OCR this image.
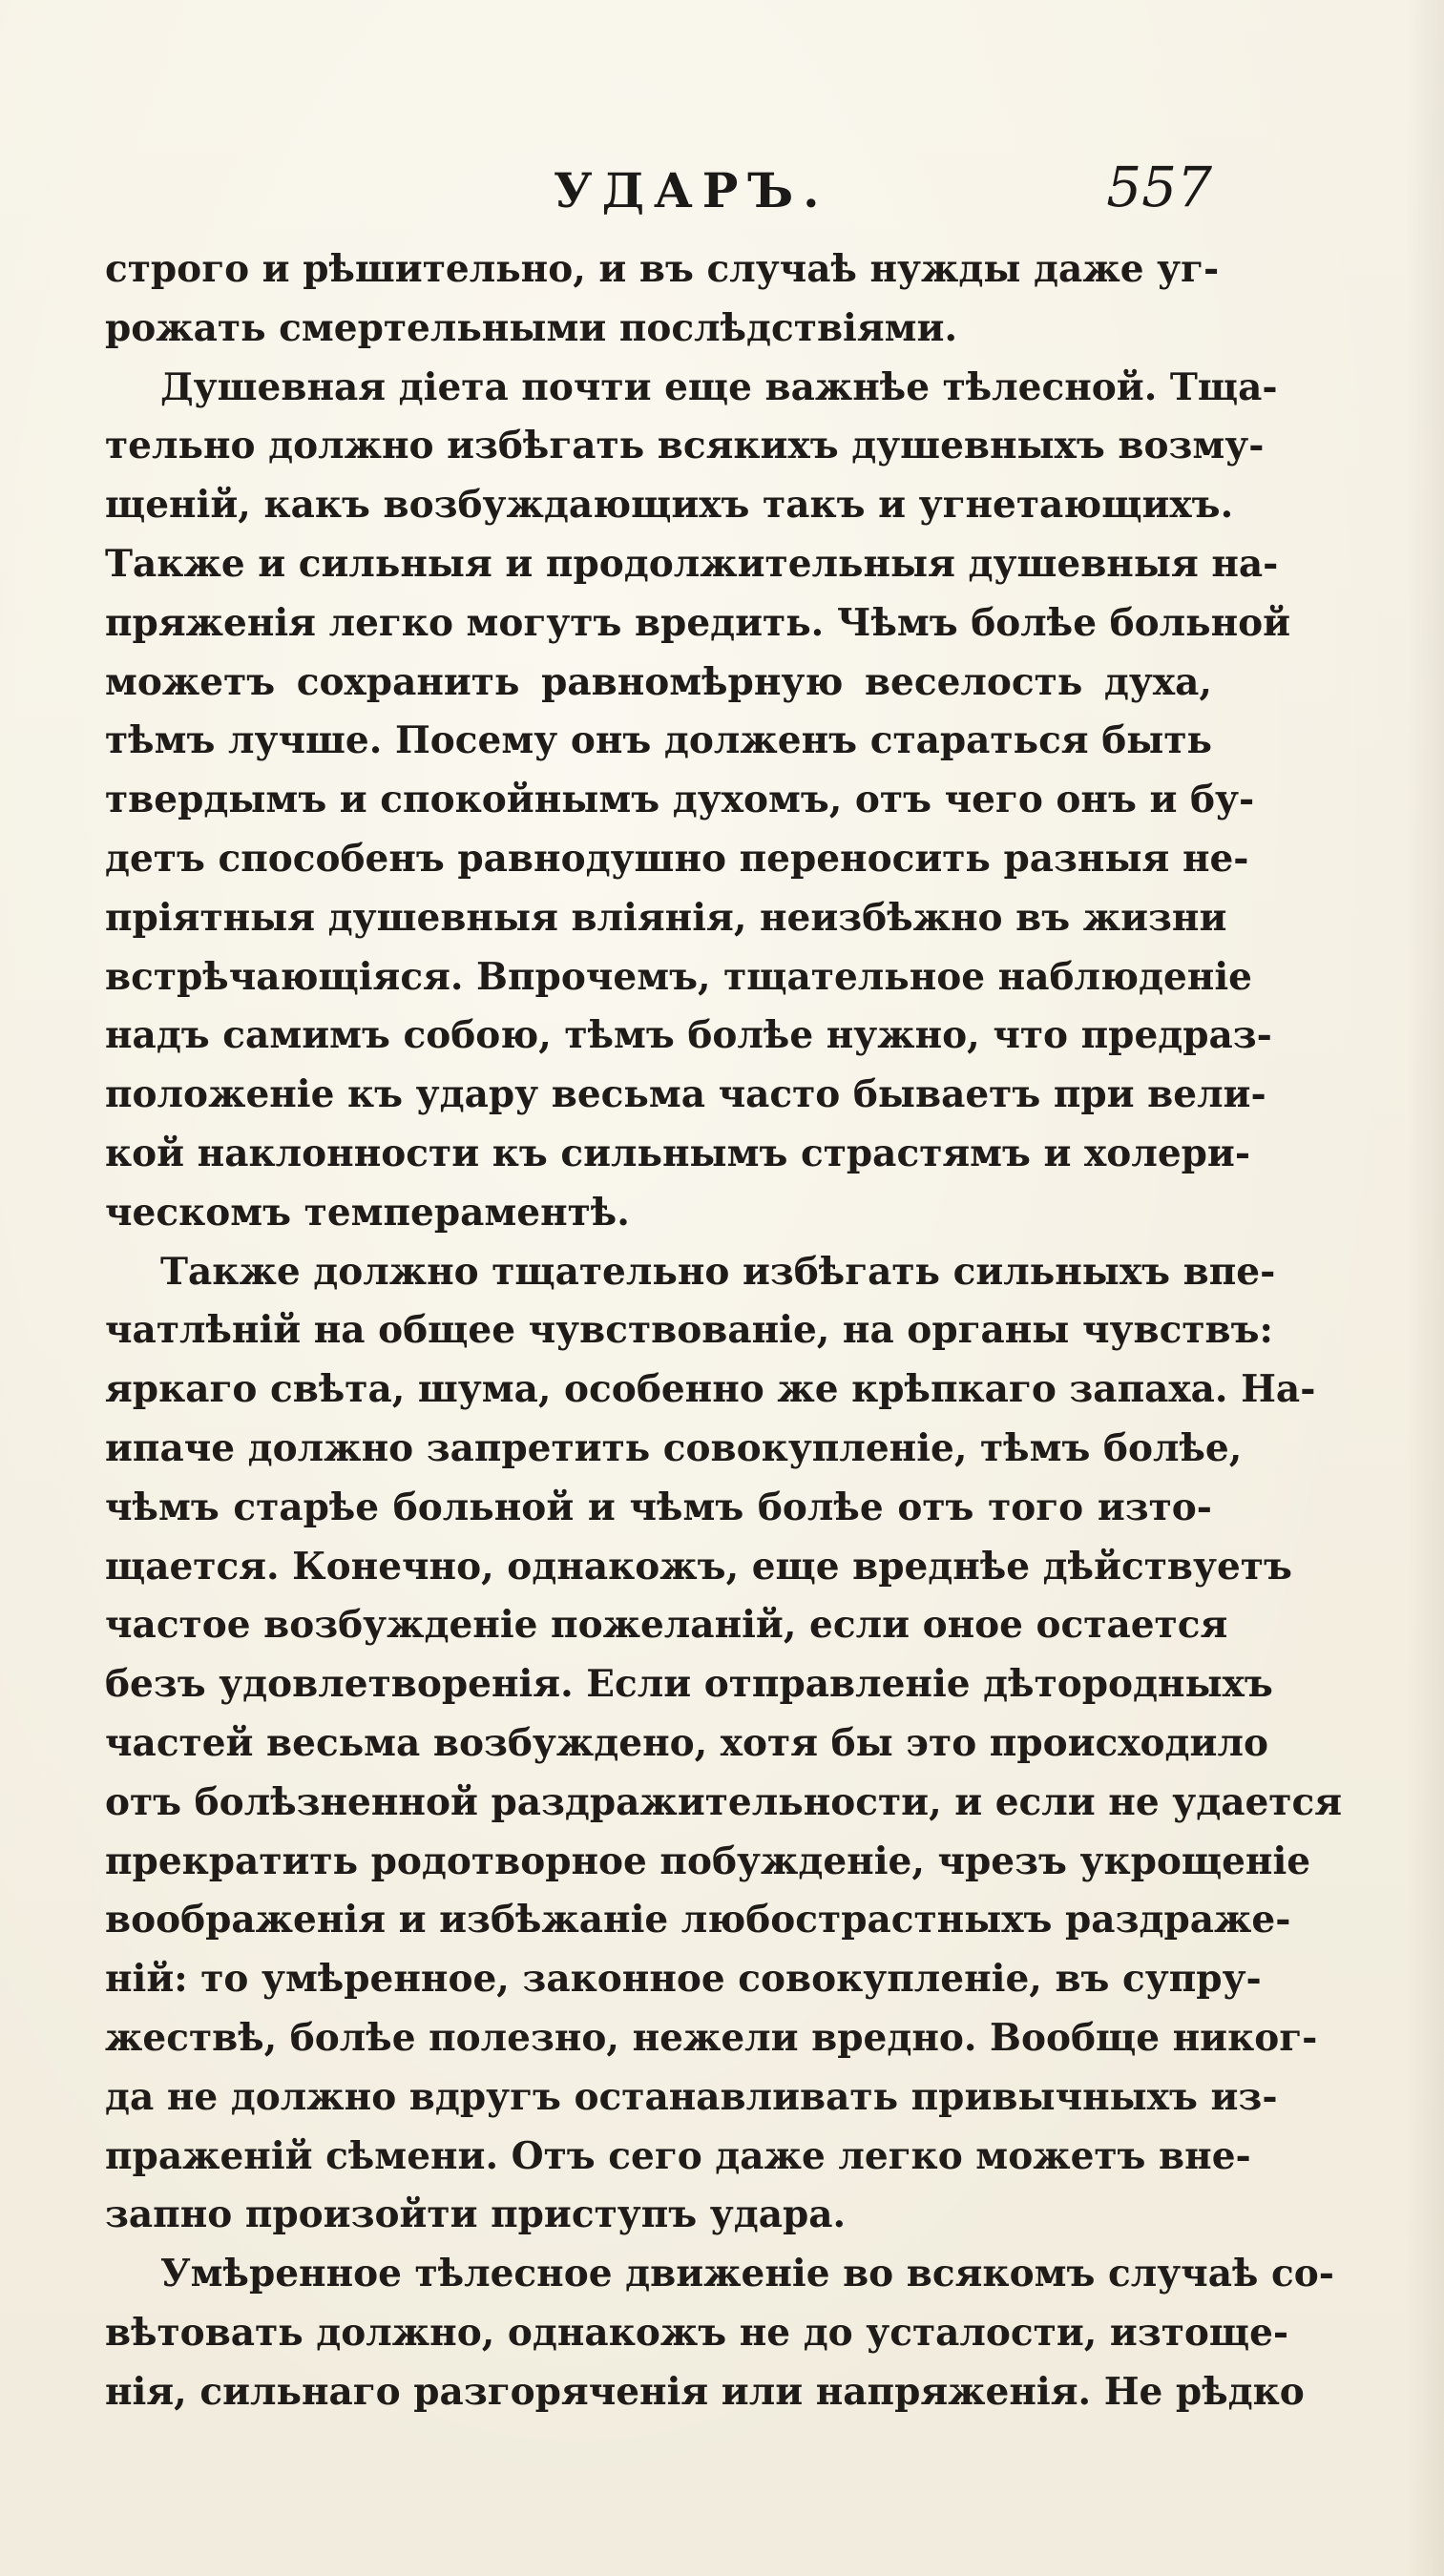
УДАРЪ.	557
строго и рѣшительно, и въ случаѣ нужды даже уг-
рожать смертельными послѣдствіями.
Душевная діета почти еще важнѣе тѣлесной. Тща-
тельно должно избѣгать всякихъ душевныхъ возму-
щеній, какъ возбуждающихъ такъ и угнетающихъ.
Также и сильныя и продолжительныя душевныя на-
пряженія легко могутъ вредить. Чѣмъ болѣе больной
можетъ сохранить равномѣрную веселость духа,
тѣмъ лучше. Посему онъ долженъ стараться быть
твердымъ и спокойнымъ духомъ, отъ чего онъ и бу-
детъ способенъ равнодушно переносить разныя не-
пріятныя душевныя вліянія, неизбѣжно въ жизни
встрѣчающіяся. Впрочемъ, тщательное наблюденіе
надъ самимъ собою, тѣмъ болѣе нужно, что предраз-
положеніе къ удару весьма часто бываетъ при вели-
кой наклонности къ сильнымъ страстямъ и холери-
ческомъ темпераментѣ.
Также должно тщательно избѣгать сильныхъ впе-
чатлѣній на общее чувствованіе, на органы чувствъ:
яркаго свѣта, шума, особенно же крѣпкаго запаха. На-
ипаче должно запретить совокупленіе, тѣмъ болѣе,
чѣмъ старѣе больной и чѣмъ болѣе отъ того изто-
щается. Конечно, однакожъ, еще вреднѣе дѣйствуетъ
частое возбужденіе пожеланій, если оное остается
безъ удовлетворенія. Если отправленіе дѣтородныхъ
частей весьма возбуждено, хотя бы это происходило
отъ болѣзненной раздражительности, и если не удается
прекратить родотворное побужденіе, чрезъ укрощеніе
воображенія и избѣжаніе любострастныхъ раздраже-
ній: то умѣренное, законное совокупленіе, въ супру-
жествѣ, болѣе полезно, нежели вредно. Вообще никог-
да не должно вдругъ останавливать привычныхъ из-
праженій сѣмени. Отъ сего даже легко можетъ вне-
запно произойти приступъ удара.
Умѣренное тѣлесное движеніе во всякомъ случаѣ со-
вѣтовать должно, однакожъ не до усталости, изтоще-
нія, сильнаго разгоряченія или напряженія. Не рѣдко
